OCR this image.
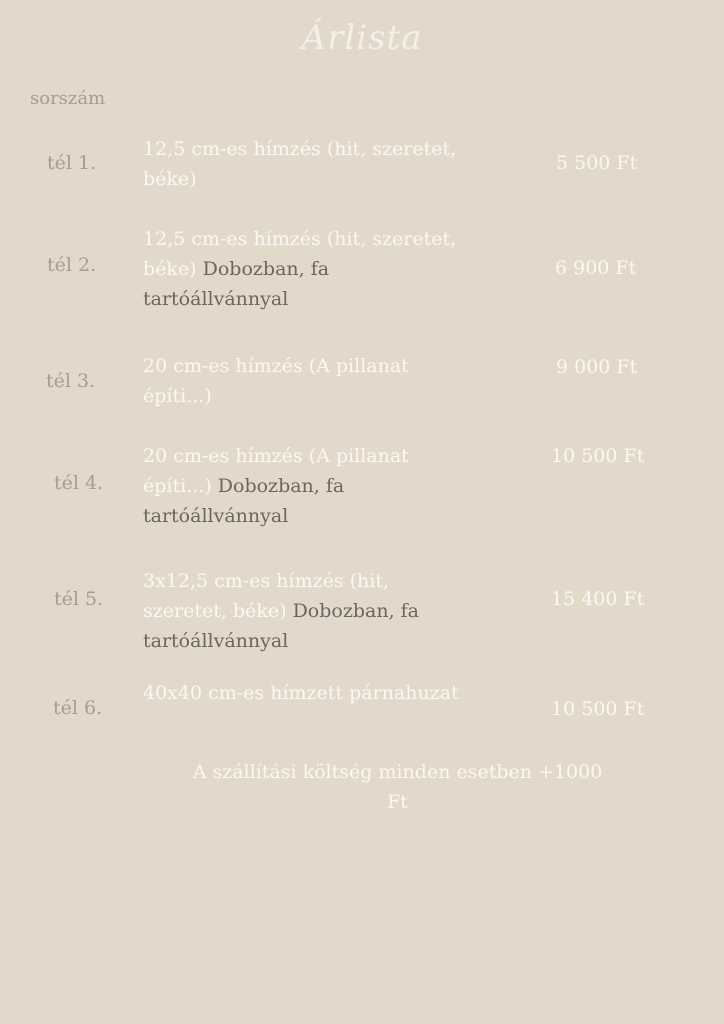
Árlista
sorszám
tél 1.
12,5 cm-es hímzés (hit, szeretet, béke)
5 500 Ft
tél 2.
12,5 cm-es hímzés (hit, szeretet, béke) Dobozban, fa tartóállvánnyal
6 900 Ft
tél 3.
20 cm-es hímzés (A pillanat építi...)
9 000 Ft
tél 4.
20 cm-es hímzés (A pillanat építi...) Dobozban, fa tartóállvánnyal
10 500 Ft
tél 5.
3x12,5 cm-es hímzés (hit, szeretet, béke) Dobozban, fa tartóállvánnyal
15 400 Ft
tél 6.
40x40 cm-es hímzett párnahuzat
10 500 Ft
A szállítási költség minden esetben +1000 Ft
